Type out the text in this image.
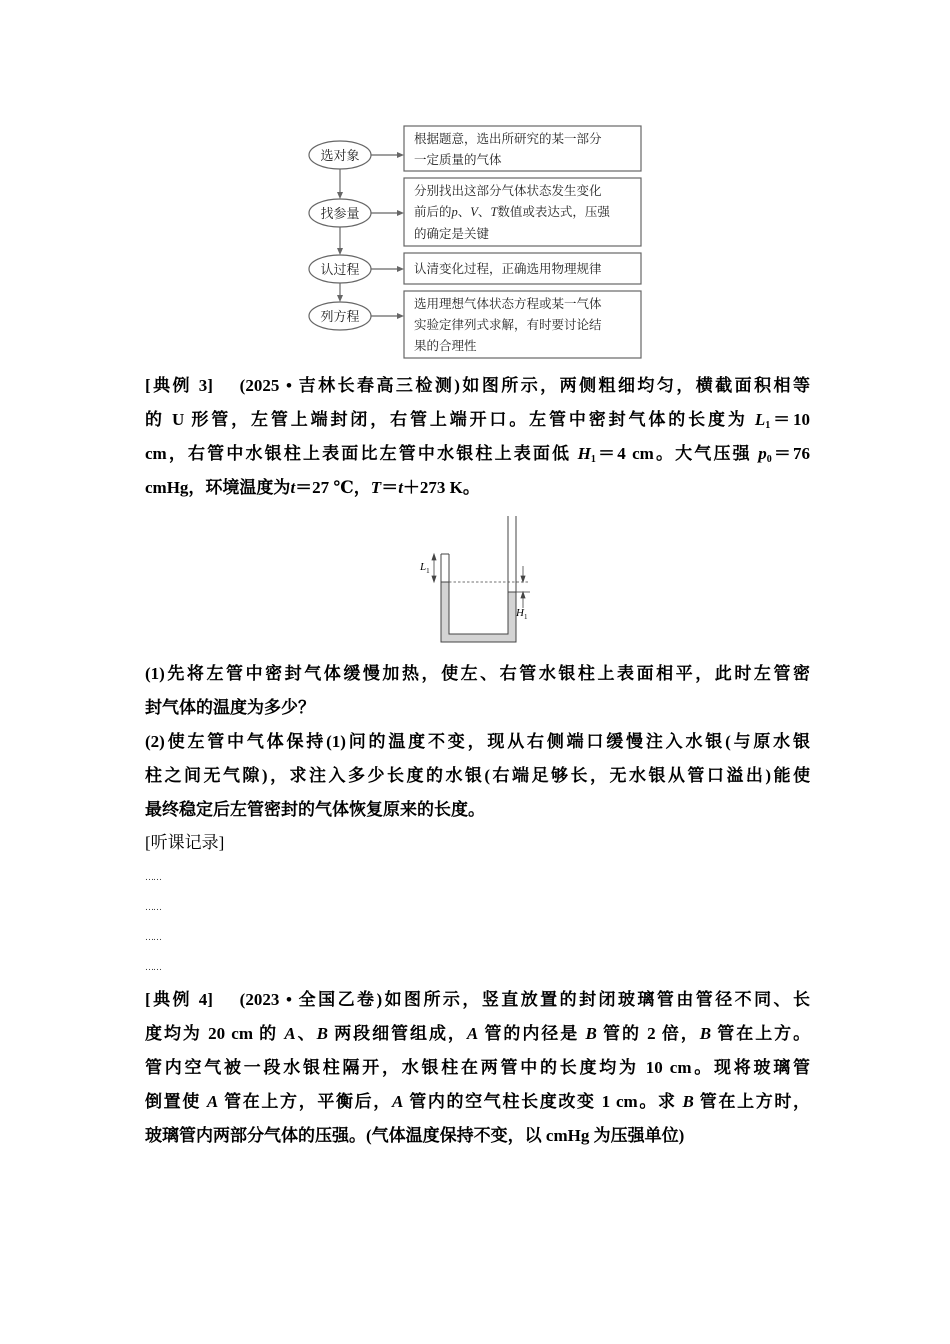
选对象
找参量
认过程
列方程

根据题意，选出所研究的某一部分
一定质量的气体

分别找出这部分气体状态发生变化
前后的p、V、T数值或表达式，压强
的确定是关键

认清变化过程，正确选用物理规律

选用理想气体状态方程或某一气体
实验定律列式求解，有时要讨论结
果的合理性

[典例 3] (2025 • 吉林长春高三检测)如图所示，两侧粗细均匀，横截面积相等
的 U 形管，左管上端封闭，右管上端开口。左管中密封气体的长度为 $L_1=10$
cm，右管中水银柱上表面比左管中水银柱上表面低 $H_1=4$ cm。大气压强 $p_0=76$
cmHg，环境温度为t＝27 ℃，T＝t＋273 K。
$L_1$
$H_1$
(1)先将左管中密封气体缓慢加热，使左、右管水银柱上表面相平，此时左管密
封气体的温度为多少？
(2)使左管中气体保持(1)问的温度不变，现从右侧端口缓慢注入水银(与原水银
柱之间无气隙)，求注入多少长度的水银(右端足够长，无水银从管口溢出)能使
最终稳定后左管密封的气体恢复原来的长度。

[听课记录]

……
……
……
……
[典例 4] (2023 • 全国乙卷)如图所示，竖直放置的封闭玻璃管由管径不同、长
度均为 20 cm 的 A、B 两段细管组成，A 管的内径是 B 管的 2 倍，B 管在上方。
管内空气被一段水银柱隔开，水银柱在两管中的长度均为 10 cm。现将玻璃管
倒置使 A 管在上方，平衡后，A 管内的空气柱长度改变 1 cm。求 B 管在上方时，
玻璃管内两部分气体的压强。(气体温度保持不变，以 cmHg 为压强单位)
